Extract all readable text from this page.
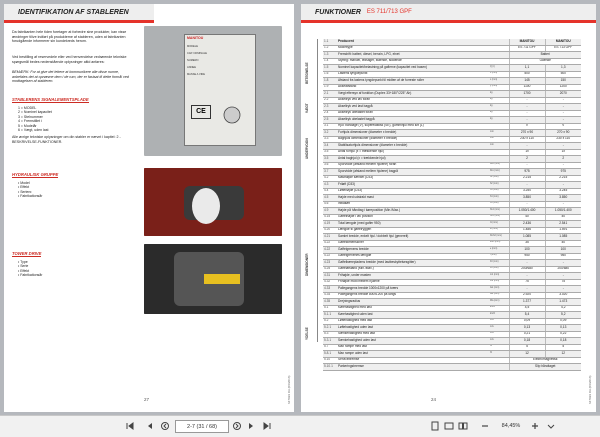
IDENTIFIKATION AF STABLEREN
Da fabrikanten hele tiden foretager at forbedre sine produkter, kan visse ændringer tilive indført på produkterne af stableren, uden at fabrikanten forudgående informerer sin kundekreds herom.
Ved bestilling af reservedele eller ved henvendelse vedrørende tekniske spørgsmål bedes nedenstående oplysninger altid anføres:
BEMÆRK: For at give det lettere at kommunikere alle disse numre, anbefales det at opnævne dem i de rum, der er fastsat til dette formål ved modtagelsen af stableren.
STABLERENS SIGNALEMENTSPLADE
1 = MODEL
2 = Nominel kapacitet
3 = Stelnummer
4 = Fremstillet i
5 = Modelår
6 = Vægt, uden last
Alle øvrige tekniske oplysninger om din stabler er nævnt i kapitel: 2 - BESKRIVELSE-FUNKTIONER.
HYDRAULISK GRUPPE
• Model
• Effekt
• Serienr.
• Fabrikationsår
TOWER DRIVE
• Type
• Serie
• Effekt
• Fabrikationsår
MANITOU
MODELE
CAP. NOMINALE
NUMERO
ANNEE
MASSE A VIDE
CE
27	647029 DA (06/2016)
FUNKTIONER ES 711/713 GPF
1.1	Producent		MANITOU	MANITOU
1.2	Modeltype		ES 711 GPF	ES 713 GPF
1.3	Fremdrift: batteri, diesel, benzin, LPG, elnet		Batteri	
1.4	Styring: manuel, ledsager, stående, siddende		Gående	
1.5	Nominel kapacitet/belastning på gaflerne (kapacitet ved basen)	Q (t)	1,1	1,3
1.6	Lastens tyngdepunkt	c (mm)	500	500
1.8	Afstand fra lastens tyngdepunkt til midten af de forreste ruller	x (mm)	145	150
1.9	Akselafstand	y (mm)	1100	1200
2.1	Vægt eftersyn af funktion (Duplex 33+180°/225° Ah)	kg	1700	2070
2.2	Akseltryk ved lav foran	kg	-	-
2.3	Akseltryk ved last bagpå	kg	-	-
2.4	Akseltryk ubelastet foran	kg	-	-
2.5	Akseltryk ubelastet bagpå	kg	-	-
3.1	Hjul: bandage (V), superelastisk (SE), gummihjul med luft (L)		V	V
3.2	Forhjuls dimensioner (diameter x bredde)	mm	270 x 90	270 x 90
3.3	Baghjuls dimensioner (diameter x bredde)	mm	230 x 110	230 x 110
3.4	Stabilisatorhjuls dimensioner (diameter x bredde)	mm	-	-
3.5	Antal forhjul (x = trækkende hjul)		1x	1x
3.5	Antal baghjul (x = trækkende hjul)		2	2
3.6	Sporvidde (afstand mellem hjulene) foran	b10 (mm)	-	-
3.7	Sporvidde (afstand mellem hjulene) bagpå	b11 (mm)	975	975
4.2	Masthøjde sænket (D33)	h1 (mm)	2.215	2.215
4.3	Friløft (D33)	h2 (mm)	-	-
4.4	Løftehøjde (D33)	h3 (mm)	3.250	3.245
4.5	Højde med udstrakt mast	h4 (mm)	3.850	3.850
4.6	Initialløft	h5 (mm)	-	-
4.9	Højde på håndtag i køreposition (Min./Max.)	h14 (mm)	1.050/1.400	1.050/1.400
4.15	Gaffelhøjde i lav position	h13 (mm)	40	40
4.19	Total længde (med gafler 950)	l1 (mm)	2.436	2.541
4.20	Længde til gaffelryggen	l2 (mm)	1.486	1.591
4.21	Samlet bredde, enkelt hjul / dobbelt hjul (generelt)	b1/b2 (mm)	1.085	1.085
4.22	Gaffeldimensioner	s/e/l (mm)	35	40
4.22	Gaffelgrenens bredde	e (mm)	100	100
4.22	Gaffelgrenenes længde	l (mm)	950	950
4.23	Gaffelbærepladens bredde (med lastbeskyttelsesgitter)	b3 (mm)	-	-
4.25	Gaffelafstand (Min./Max.)	b5 (mm)	200/680	200/680
4.31	Frihøjde, under masten	m1 (mm)	-	-
4.32	Frihøjde midt imellem hjulene	m2 (mm)	75	75
4.33	Pallegangens bredde 1000x1200 på tværs	Ast (mm)	-	-
4.34	Pallegangens bredde 800x1200 på langs	Ast (mm)	2.920	3.020
4.35	Drejningsradius	Wa (mm)	1.377	1.473
5.1	Kørehastighed med last	km/h	4,5	4,2
5.1.1	Kørehastighed uden last	km/h	5,4	5,2
5.2	Løftehastighed med last	m/s	0,09	0,09
5.2.1	Løftehastighed uden last	m/s	0,13	0,13
5.3	Sænkehastighed med last	m/s	0,21	0,22
5.3.1	Sænkehastighed uden last	m/s	0,18	0,18
5.7	Max rampe med last	%	5	5
5.8.1	Max rampe uden last	%	12	12
5.10	Servicebremse		Elektromagnetisk	
5.10.1	Parkeringsbremse		Slip håndtaget	
BETEGNELSE
VÆGT
UNDERVOGN
DIMENSIONER
YDELSE
24	647029 DA (06/2016)
2-7 (31 / 68)	84,45%
